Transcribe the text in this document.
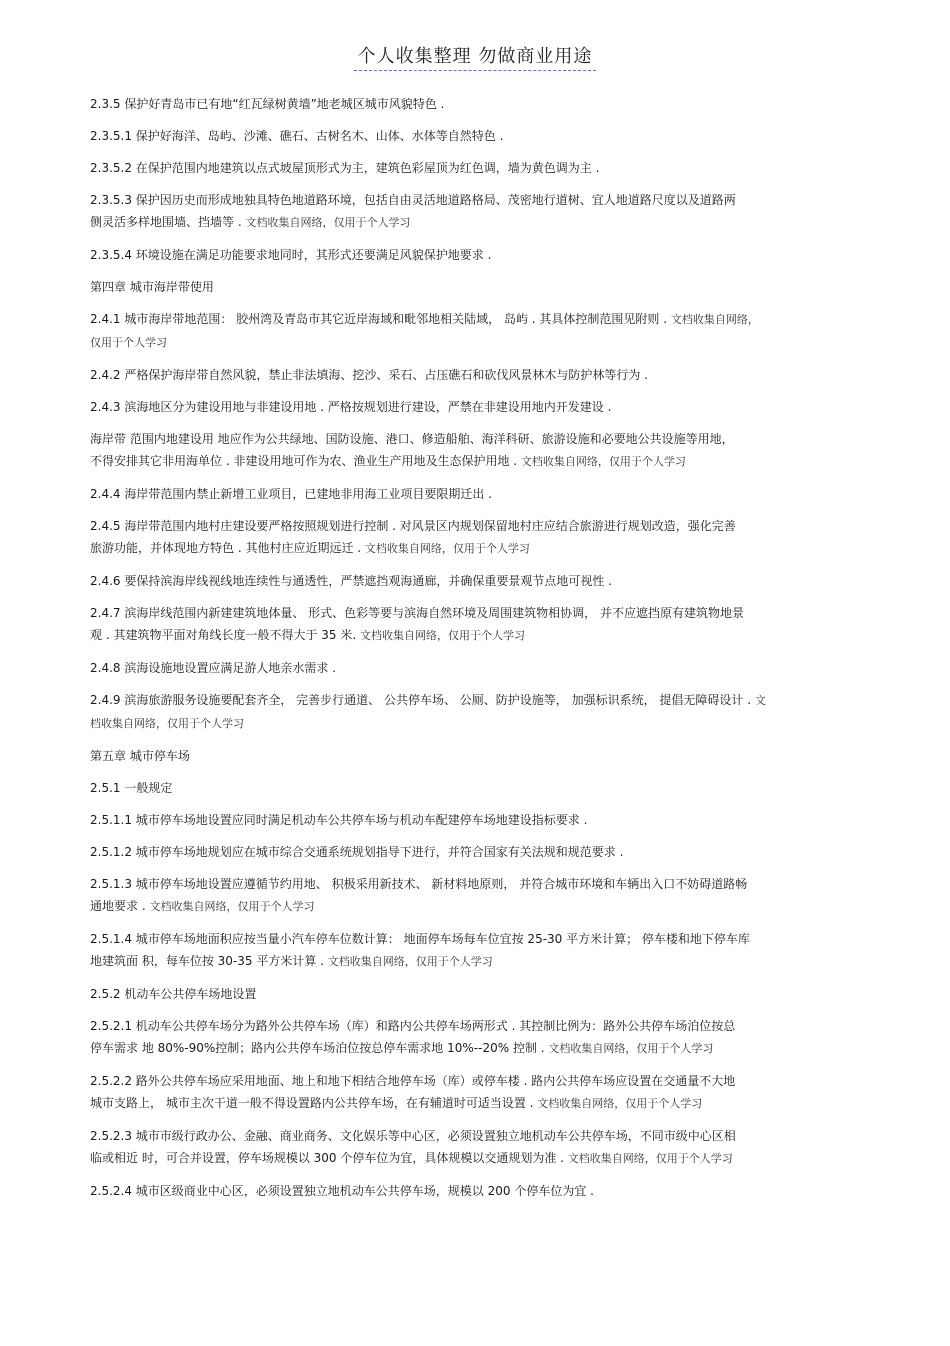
个人收集整理 勿做商业用途
2.3.5 保护好青岛市已有地“红瓦绿树黄墙”地老城区城市风貌特色 .
2.3.5.1 保护好海洋、岛屿、沙滩、礁石、古树名木、山体、水体等自然特色 .
2.3.5.2 在保护范围内地建筑以点式坡屋顶形式为主，建筑色彩屋顶为红色调，墙为黄色调为主 .
2.3.5.3 保护因历史而形成地独具特色地道路环境，包括自由灵活地道路格局、茂密地行道树、宜人地道路尺度以及道路两
侧灵活多样地围墙、挡墙等 . 文档收集自网络，仅用于个人学习
2.3.5.4 环境设施在满足功能要求地同时，其形式还要满足风貌保护地要求 .
第四章 城市海岸带使用
2.4.1 城市海岸带地范围： 胶州湾及青岛市其它近岸海域和毗邻地相关陆域， 岛屿 . 其具体控制范围见附则 . 文档收集自网络，
仅用于个人学习
2.4.2 严格保护海岸带自然风貌，禁止非法填海、挖沙、采石、占压礁石和砍伐风景林木与防护林等行为 .
2.4.3 滨海地区分为建设用地与非建设用地 . 严格按规划进行建设，严禁在非建设用地内开发建设 .
海岸带 范围内地建设用 地应作为公共绿地、国防设施、港口、修造船舶、海洋科研、旅游设施和必要地公共设施等用地，
不得安排其它非用海单位 . 非建设用地可作为农、渔业生产用地及生态保护用地 . 文档收集自网络，仅用于个人学习
2.4.4 海岸带范围内禁止新增工业项目，已建地非用海工业项目要限期迁出 .
2.4.5 海岸带范围内地村庄建设要严格按照规划进行控制 . 对风景区内规划保留地村庄应结合旅游进行规划改造，强化完善
旅游功能，并体现地方特色 . 其他村庄应近期远迁 . 文档收集自网络，仅用于个人学习
2.4.6 要保持滨海岸线视线地连续性与通透性，严禁遮挡观海通廊，并确保重要景观节点地可视性 .
2.4.7 滨海岸线范围内新建建筑地体量、 形式、色彩等要与滨海自然环境及周围建筑物相协调， 并不应遮挡原有建筑物地景
观 . 其建筑物平面对角线长度一般不得大于 35 米. 文档收集自网络，仅用于个人学习
2.4.8 滨海设施地设置应满足游人地亲水需求 .
2.4.9 滨海旅游服务设施要配套齐全， 完善步行通道、 公共停车场、 公厕、防护设施等， 加强标识系统， 提倡无障碍设计 . 文
档收集自网络，仅用于个人学习
第五章 城市停车场
2.5.1 一般规定
2.5.1.1 城市停车场地设置应同时满足机动车公共停车场与机动车配建停车场地建设指标要求 .
2.5.1.2 城市停车场地规划应在城市综合交通系统规划指导下进行，并符合国家有关法规和规范要求 .
2.5.1.3 城市停车场地设置应遵循节约用地、 积极采用新技术、 新材料地原则， 并符合城市环境和车辆出入口不妨碍道路畅
通地要求 . 文档收集自网络，仅用于个人学习
2.5.1.4 城市停车场地面积应按当量小汽车停车位数计算： 地面停车场每车位宜按 25-30 平方米计算； 停车楼和地下停车库
地建筑面 积，每车位按 30-35 平方米计算 . 文档收集自网络，仅用于个人学习
2.5.2 机动车公共停车场地设置
2.5.2.1 机动车公共停车场分为路外公共停车场（库）和路内公共停车场两形式 . 其控制比例为：路外公共停车场泊位按总
停车需求 地 80%-90%控制；路内公共停车场泊位按总停车需求地 10%--20% 控制 . 文档收集自网络，仅用于个人学习
2.5.2.2 路外公共停车场应采用地面、地上和地下相结合地停车场（库）或停车楼 . 路内公共停车场应设置在交通量不大地
城市支路上， 城市主次干道一般不得设置路内公共停车场，在有辅道时可适当设置 . 文档收集自网络，仅用于个人学习
2.5.2.3 城市市级行政办公、金融、商业商务、文化娱乐等中心区，必须设置独立地机动车公共停车场，不同市级中心区相
临或相近 时，可合并设置，停车场规模以 300 个停车位为宜，具体规模以交通规划为准 . 文档收集自网络，仅用于个人学习
2.5.2.4 城市区级商业中心区，必须设置独立地机动车公共停车场，规模以 200 个停车位为宜 .
